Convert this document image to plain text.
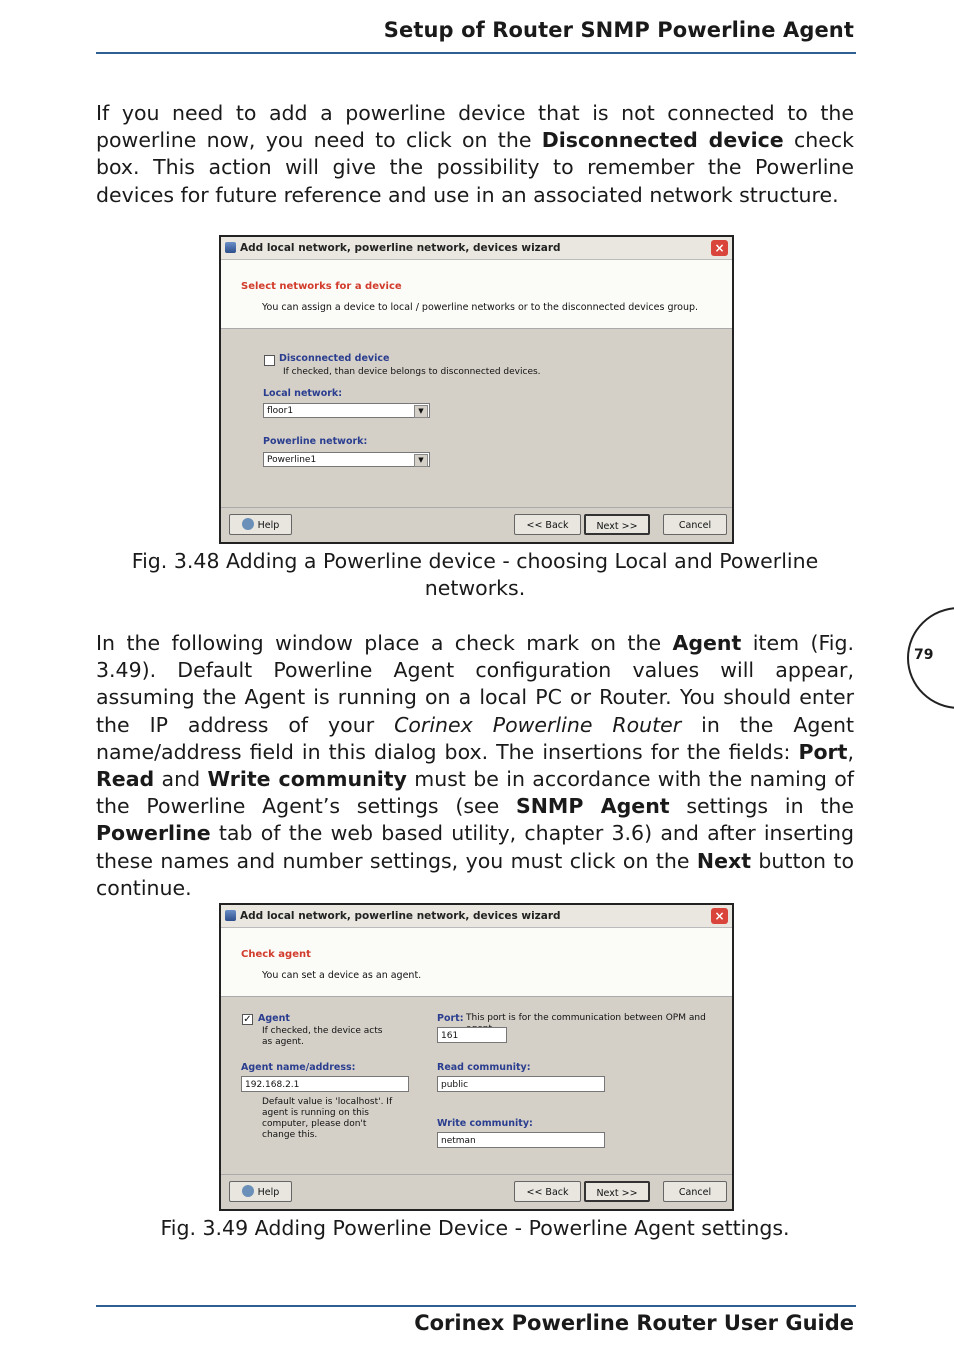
Setup of Router SNMP Powerline Agent
If you need to add a powerline device that is not connected to the powerline now, you need to click on the Disconnected device check box. This action will give the possibility to remember the Powerline devices for future reference and use in an associated network structure.
Add local network, powerline network, devices wizard	×
Select networks for a device
You can assign a device to local / powerline networks or to the disconnected devices group.
Disconnected device
If checked, than device belongs to disconnected devices.
Local network:
floor1	▼
Powerline network:
Powerline1	▼
Help	<< Back	Next >>	Cancel
Fig. 3.48 Adding a Powerline device - choosing Local and Powerline networks.
In the following window place a check mark on the Agent item (Fig. 3.49). Default Powerline Agent configuration values will appear, assuming the Agent is running on a local PC or Router. You should enter the IP address of your Corinex Powerline Router in the Agent name/address field in this dialog box. The insertions for the fields: Port, Read and Write community must be in accordance with the naming of the Powerline Agent’s settings (see SNMP Agent settings in the Powerline tab of the web based utility, chapter 3.6) and after inserting these names and number settings, you must click on the Next button to continue.
Add local network, powerline network, devices wizard	×
Check agent
You can set a device as an agent.
✓ Agent
If checked, the device acts as agent.
Agent name/address:
192.168.2.1
Default value is 'localhost'. If agent is running on this computer, please don't change this.
Port: This port is for the communication between OPM and
161
Read community:
public
Write community:
netman
Help	<< Back	Next >>	Cancel
Fig. 3.49 Adding Powerline Device - Powerline Agent settings.
79
Corinex Powerline Router User Guide
